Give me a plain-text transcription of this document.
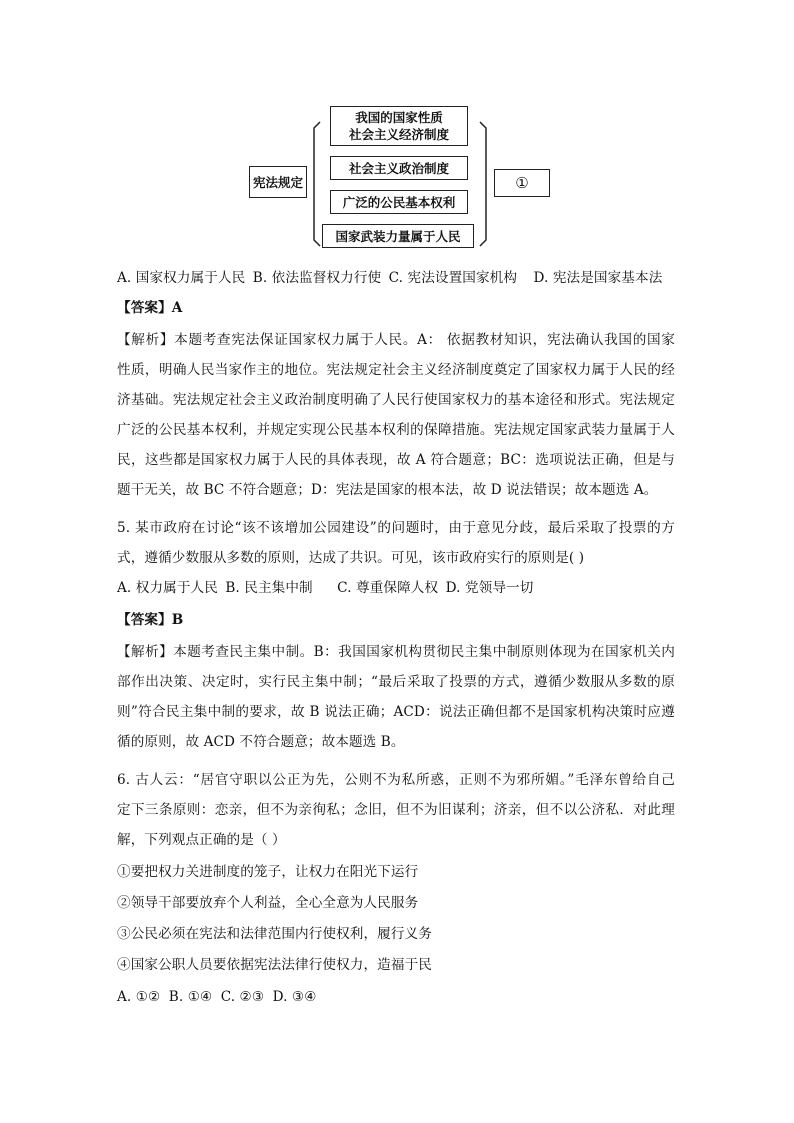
宪法规定
我国的国家性质
社会主义经济制度
社会主义政治制度
广泛的公民基本权利
国家武装力量属于人民
①
A. 国家权力属于人民 B. 依法监督权力行使 C. 宪法设置国家机构 D. 宪法是国家基本法
【答案】A
【解析】本题考查宪法保证国家权力属于人民。A： 依据教材知识，宪法确认我国的国家
性质，明确人民当家作主的地位。宪法规定社会主义经济制度奠定了国家权力属于人民的经
济基础。宪法规定社会主义政治制度明确了人民行使国家权力的基本途径和形式。宪法规定
广泛的公民基本权利，并规定实现公民基本权利的保障措施。宪法规定国家武装力量属于人
民，这些都是国家权力属于人民的具体表现，故 A 符合题意；BC：选项说法正确，但是与
题干无关，故 BC 不符合题意；D：宪法是国家的根本法，故 D 说法错误；故本题选 A。
5. 某市政府在讨论“该不该增加公园建设”的问题时，由于意见分歧，最后采取了投票的方
式，遵循少数服从多数的原则，达成了共识。可见，该市政府实行的原则是( )
A. 权力属于人民 B. 民主集中制 C. 尊重保障人权 D. 党领导一切
【答案】B
【解析】本题考查民主集中制。B：我国国家机构贯彻民主集中制原则体现为在国家机关内
部作出决策、决定时，实行民主集中制；“最后采取了投票的方式，遵循少数服从多数的原
则”符合民主集中制的要求，故 B 说法正确；ACD：说法正确但都不是国家机构决策时应遵
循的原则，故 ACD 不符合题意；故本题选 B。
6. 古人云：“居官守职以公正为先，公则不为私所惑，正则不为邪所媚。”毛泽东曾给自己
定下三条原则：恋亲，但不为亲徇私；念旧，但不为旧谋利；济亲，但不以公济私．对此理
解，下列观点正确的是（ ）
①要把权力关进制度的笼子，让权力在阳光下运行
②领导干部要放弃个人利益，全心全意为人民服务
③公民必须在宪法和法律范围内行使权利，履行义务
④国家公职人员要依据宪法法律行使权力，造福于民
A. ①② B. ①④ C. ②③ D. ③④
